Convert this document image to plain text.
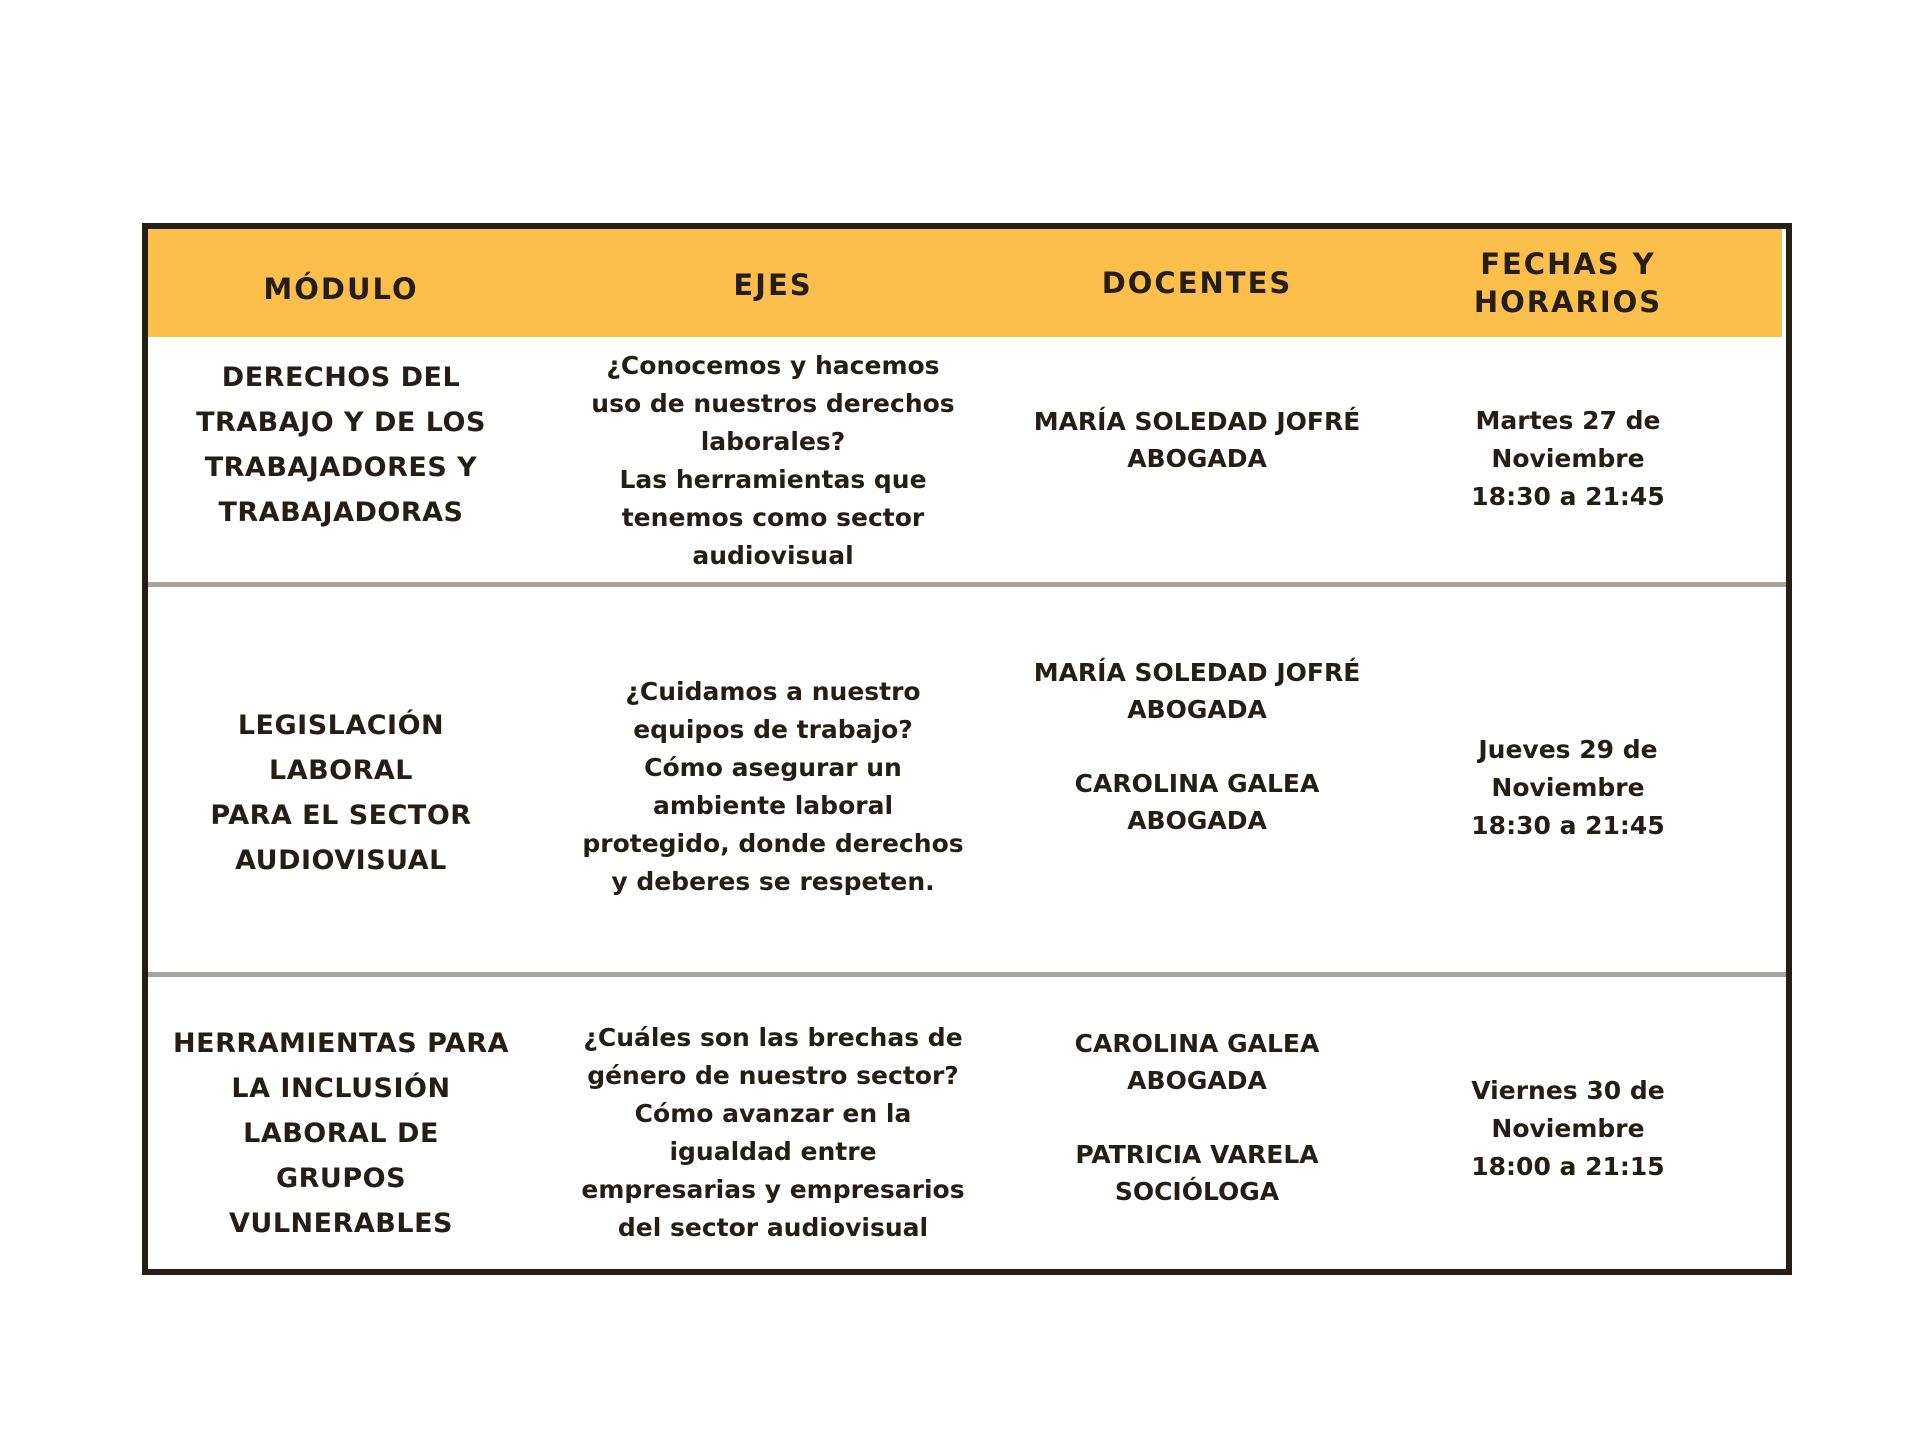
MÓDULO	EJES	DOCENTES
FECHAS Y
HORARIOS
DERECHOS DEL
TRABAJO Y DE LOS
TRABAJADORES Y
TRABAJADORAS
¿Conocemos y hacemos
uso de nuestros derechos
laborales?
Las herramientas que
tenemos como sector
audiovisual
MARÍA SOLEDAD JOFRÉ
ABOGADA
Martes 27 de
Noviembre
18:30 a 21:45
LEGISLACIÓN
LABORAL
PARA EL SECTOR
AUDIOVISUAL
¿Cuidamos a nuestro
equipos de trabajo?
Cómo asegurar un
ambiente laboral
protegido, donde derechos
y deberes se respeten.
MARÍA SOLEDAD JOFRÉ
ABOGADA

CAROLINA GALEA
ABOGADA
Jueves 29 de
Noviembre
18:30 a 21:45
HERRAMIENTAS PARA
LA INCLUSIÓN
LABORAL DE
GRUPOS
VULNERABLES
¿Cuáles son las brechas de
género de nuestro sector?
Cómo avanzar en la
igualdad entre
empresarias y empresarios
del sector audiovisual
CAROLINA GALEA
ABOGADA

PATRICIA VARELA
SOCIÓLOGA
Viernes 30 de
Noviembre
18:00 a 21:15
